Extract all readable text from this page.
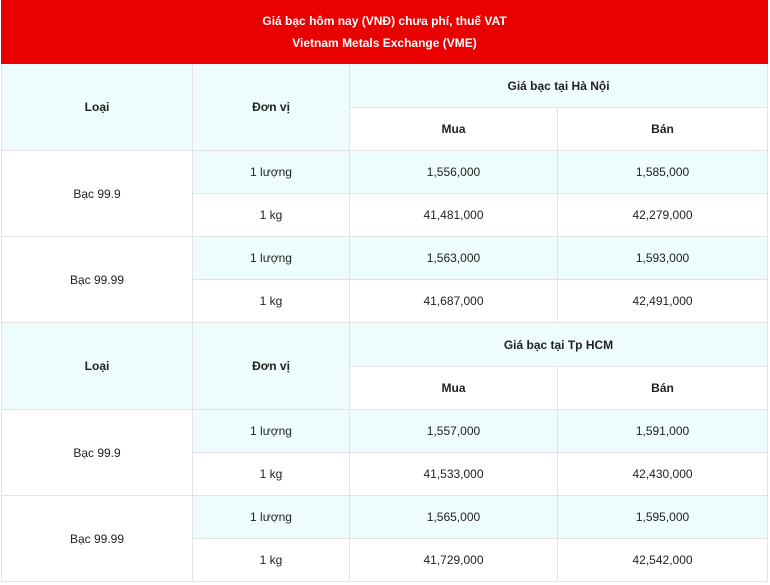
Giá bạc hôm nay (VNĐ) chưa phí, thuế VAT
Vietnam Metals Exchange (VME)			

Loại	Đơn vị	Giá bạc tại Hà Nội	
		Mua	Bán
Bạc 99.9	1 lượng	1,556,000	1,585,000
	1 kg	41,481,000	42,279,000
Bạc 99.99	1 lượng	1,563,000	1,593,000
	1 kg	41,687,000	42,491,000
Loại	Đơn vị	Giá bạc tại Tp HCM	
		Mua	Bán
Bạc 99.9	1 lượng	1,557,000	1,591,000
	1 kg	41,533,000	42,430,000
Bạc 99.99	1 lượng	1,565,000	1,595,000
	1 kg	41,729,000	42,542,000
